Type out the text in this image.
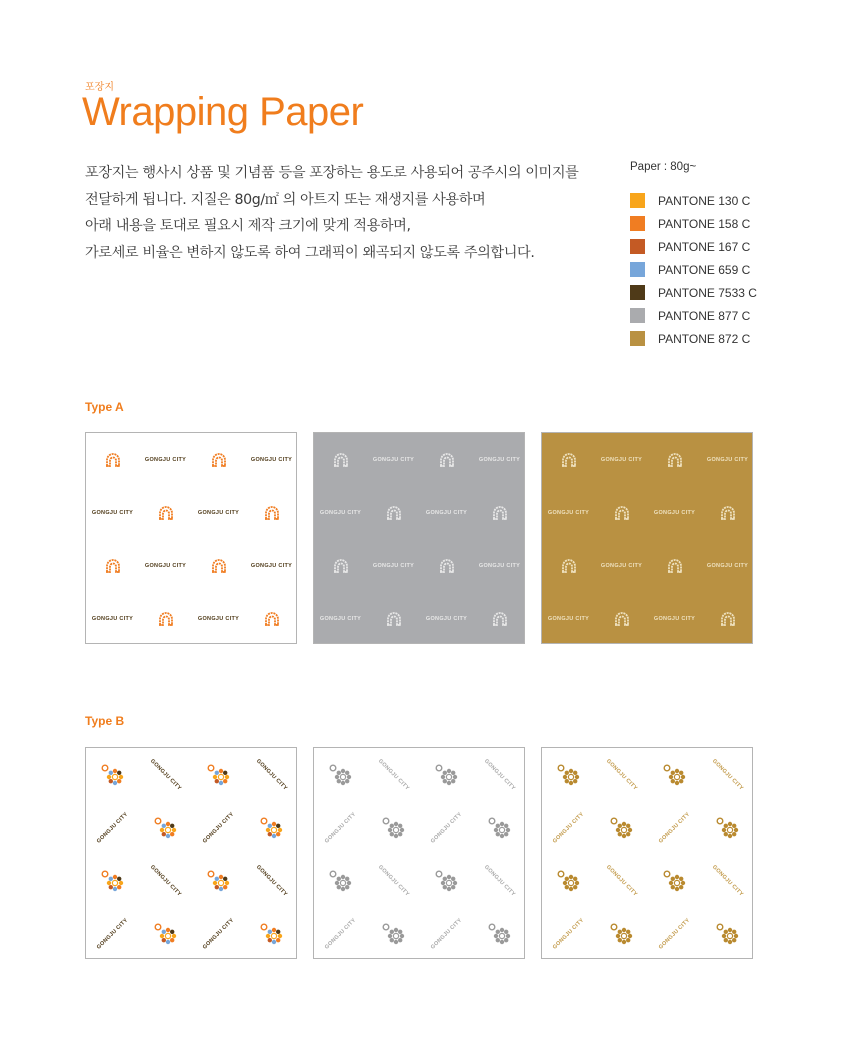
포장지
Wrapping Paper

포장지는 행사시 상품 및 기념품 등을 포장하는 용도로 사용되어 공주시의 이미지를

전달하게 됩니다. 지질은 80g/㎡ 의 아트지 또는 재생지를 사용하며

아래 내용을 토대로 필요시 제작 크기에 맞게 적용하며,

가로세로 비율은 변하지 않도록 하여 그래픽이 왜곡되지 않도록 주의합니다.

Paper : 80g~
PANTONE 130 C
PANTONE 158 C
PANTONE 167 C
PANTONE 659 C
PANTONE 7533 C
PANTONE 877 C
PANTONE 872 C
Type A
Type B
GONGJU CITY	GONGJU CITY
GONGJU CITY	GONGJU CITY
GONGJU CITY	GONGJU CITY
GONGJU CITY	GONGJU CITY
GONGJU CITY	GONGJU CITY
GONGJU CITY	GONGJU CITY
GONGJU CITY	GONGJU CITY
GONGJU CITY	GONGJU CITY
GONGJU CITY	GONGJU CITY
GONGJU CITY	GONGJU CITY
GONGJU CITY	GONGJU CITY
GONGJU CITY	GONGJU CITY
GONGJU CITY	GONGJU CITY
GONGJU CITY	GONGJU CITY
GONGJU CITY	GONGJU CITY
GONGJU CITY	GONGJU CITY
GONGJU CITY	GONGJU CITY
GONGJU CITY	GONGJU CITY
GONGJU CITY	GONGJU CITY
GONGJU CITY	GONGJU CITY
GONGJU CITY	GONGJU CITY
GONGJU CITY	GONGJU CITY
GONGJU CITY	GONGJU CITY
GONGJU CITY	GONGJU CITY
